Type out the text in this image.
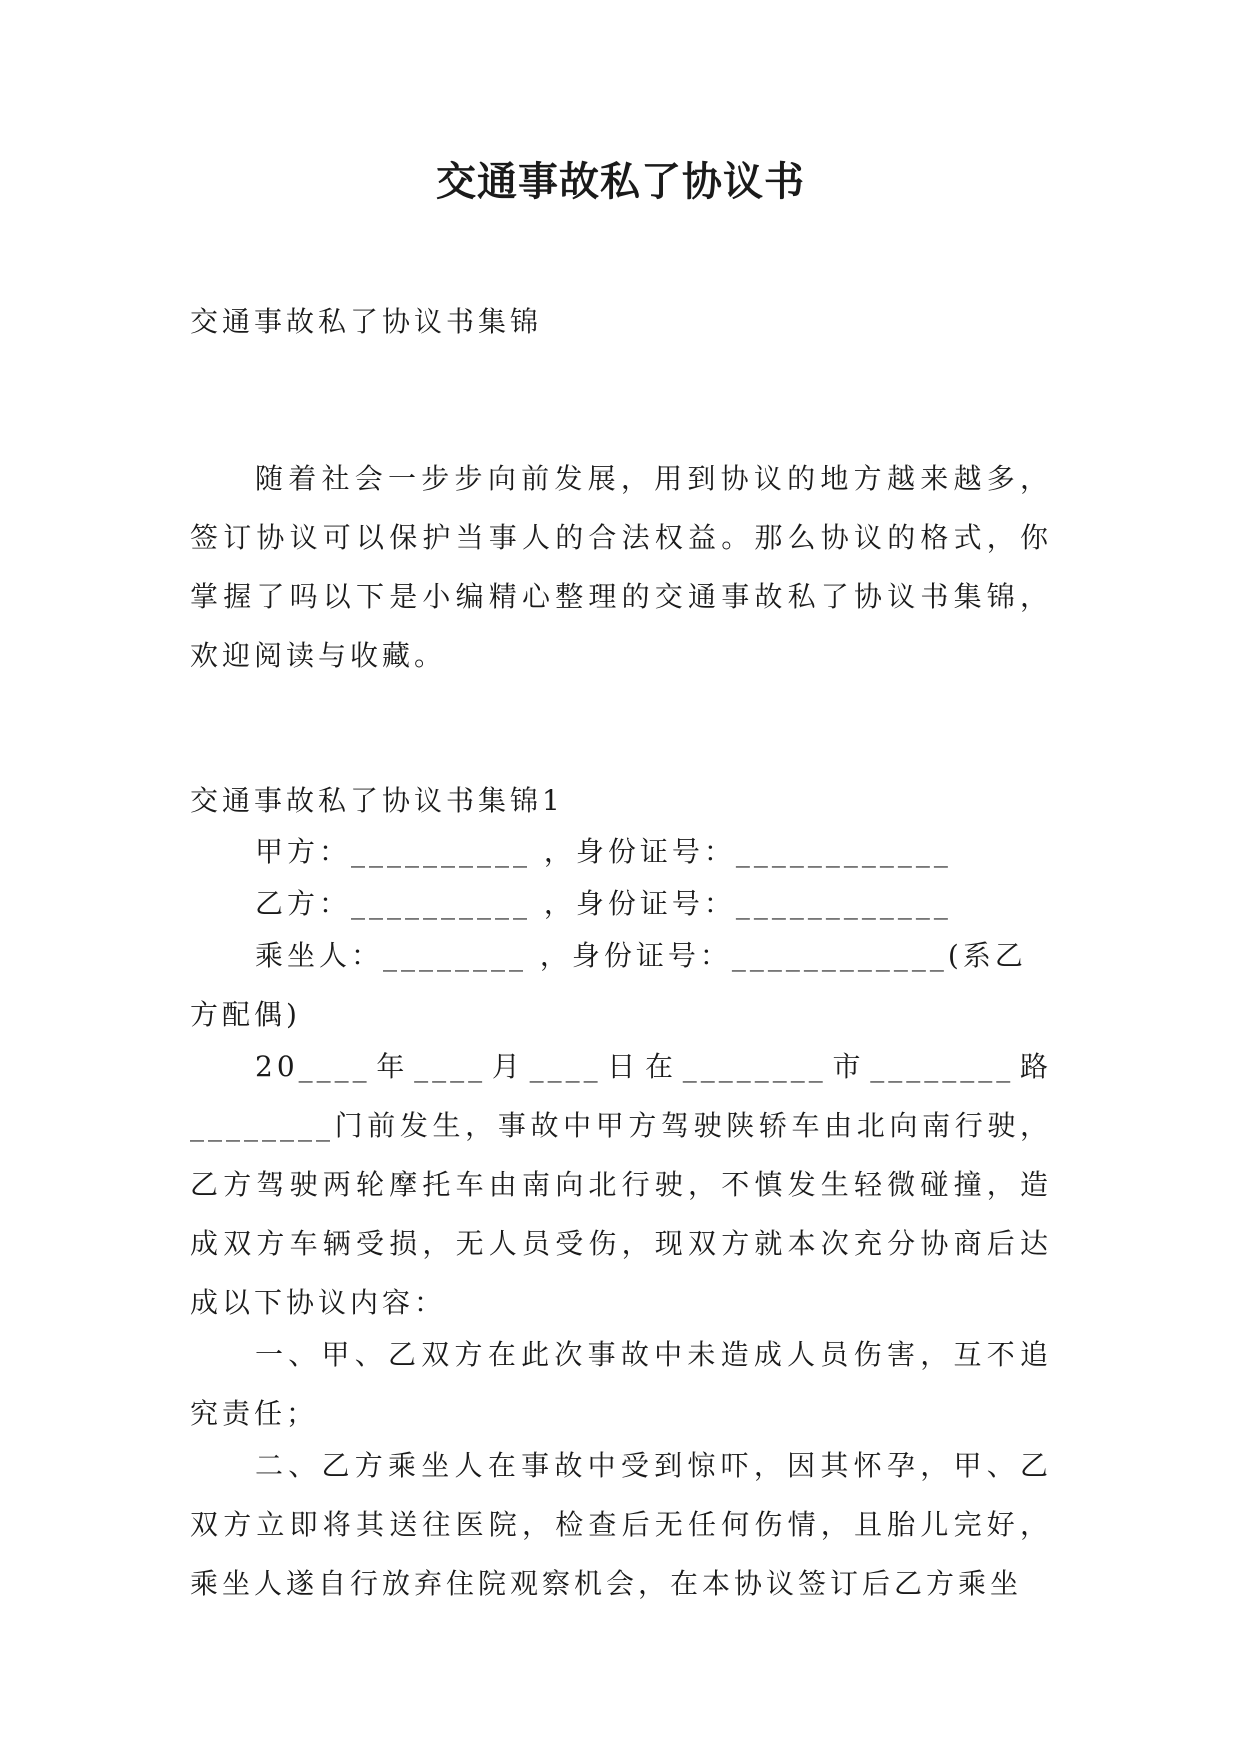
交通事故私了协议书

交通事故私了协议书集锦

随着社会一步步向前发展，用到协议的地方越来越多，签订协议可以保护当事人的合法权益。那么协议的格式，你掌握了吗以下是小编精心整理的交通事故私了协议书集锦，欢迎阅读与收藏。

交通事故私了协议书集锦1

甲方：__________ ，身份证号：____________

乙方：__________ ，身份证号：____________

乘坐人：________ ，身份证号：____________(系乙方配偶)

20____年____月____日在________市________路________门前发生，事故中甲方驾驶陕轿车由北向南行驶，乙方驾驶两轮摩托车由南向北行驶，不慎发生轻微碰撞，造成双方车辆受损，无人员受伤，现双方就本次充分协商后达成以下协议内容：

一、甲、乙双方在此次事故中未造成人员伤害，互不追究责任；

二、乙方乘坐人在事故中受到惊吓，因其怀孕，甲、乙双方立即将其送往医院，检查后无任何伤情，且胎儿完好，乘坐人遂自行放弃住院观察机会，在本协议签订后乙方乘坐
